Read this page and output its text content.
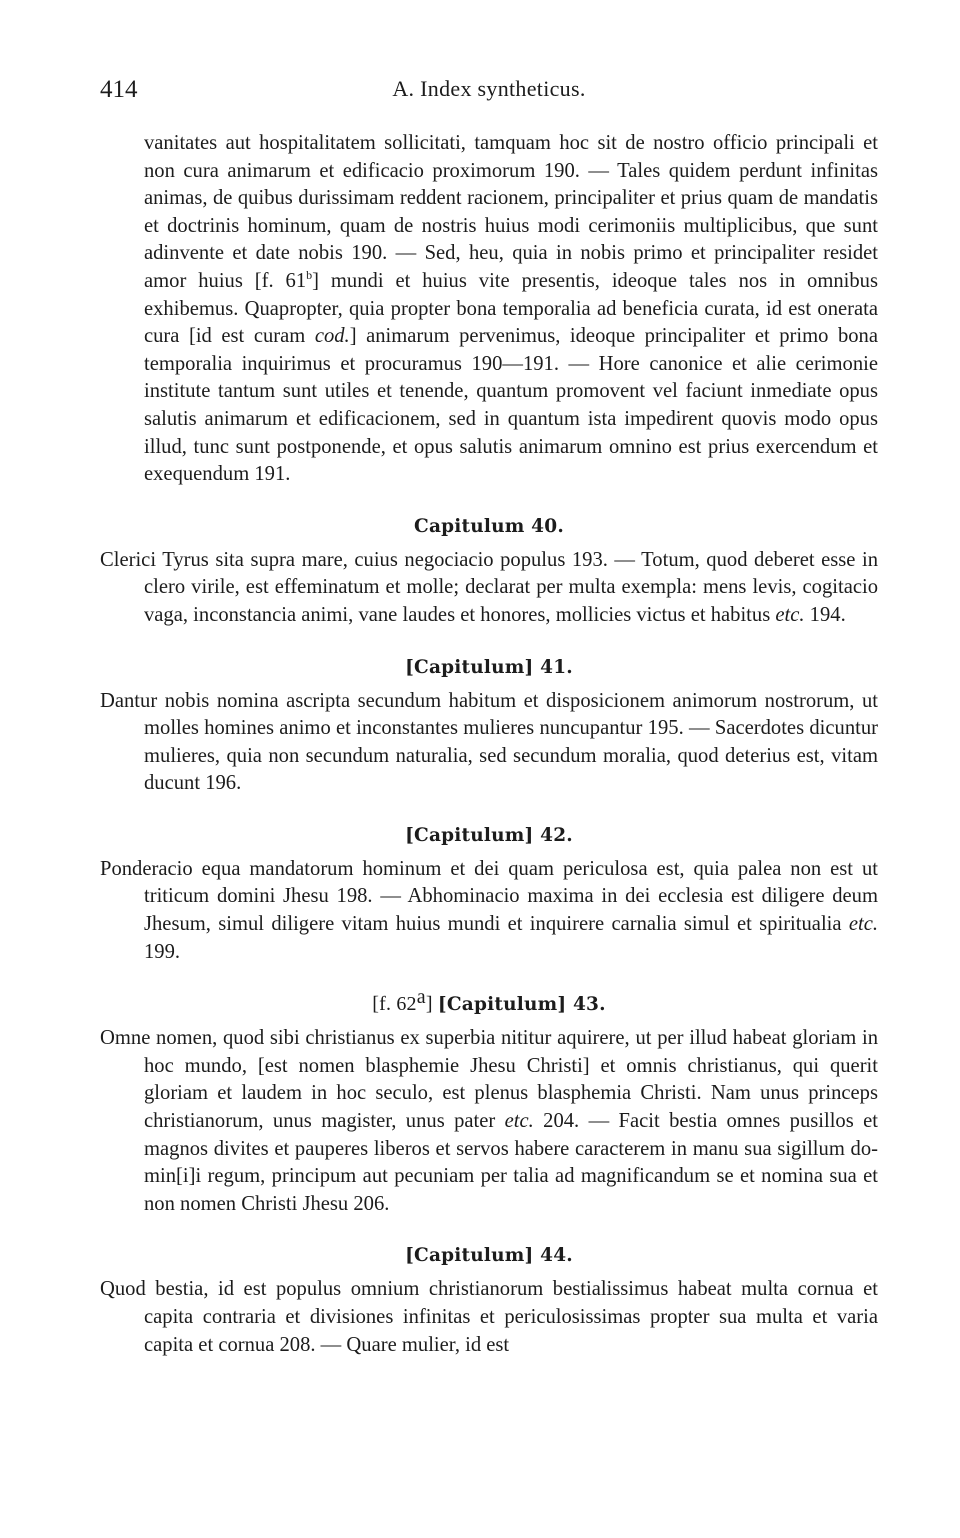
A. Index syntheticus.
414

vanitates aut hospitalitatem sollicitati, tamquam hoc sit de nostro officio principali et non cura animarum et edificacio proximorum 190. — Tales quidem perdunt infinitas animas, de quibus durissimam reddent racionem, principaliter et prius quam de mandatis et doctrinis hominum, quam de nostris huius modi cerimoniis multiplicibus, que sunt adinvente et date nobis 190. — Sed, heu, quia in nobis primo et principaliter residet amor huius [f. 61$^b$] mundi et huius vite presentis, ideoque tales nos in omnibus exhibemus. Quapropter, quia propter bona temporalia ad beneficia curata, id est onerata cura [id est curam cod.] animarum pervenimus, ideoque principaliter et primo bona temporalia inquirimus et procuramus 190—191. — Hore canonice et alie cerimonie institute tantum sunt utiles et tenende, quantum promovent vel faciunt inmediate opus salutis animarum et edificacionem, sed in quantum ista impedirent quovis modo opus illud, tunc sunt postponende, et opus salutis animarum omnino est prius exercendum et exequendum 191.

Capitulum 40.

Clerici Tyrus sita supra mare, cuius negociacio populus 193. — Totum, quod deberet esse in clero virile, est effeminatum et molle; declarat per multa exempla: mens levis, cogitacio vaga, inconstancia animi, vane laudes et honores, mollicies victus et habitus etc. 194.

[Capitulum] 41.

Dantur nobis nomina ascripta secundum habitum et disposicionem animorum nostrorum, ut molles homines animo et inconstantes mulieres nuncupantur 195. — Sacerdotes dicuntur mulieres, quia non secundum naturalia, sed secundum moralia, quod deterius est, vitam ducunt 196.

[Capitulum] 42.

Ponderacio equa mandatorum hominum et dei quam periculosa est, quia palea non est ut triticum domini Jhesu 198. — Abhominacio maxima in dei ecclesia est diligere deum Jhesum, simul diligere vitam huius mundi et inquirere carnalia simul et spiritualia etc. 199.

[f. 62$^a$] [Capitulum] 43.

Omne nomen, quod sibi christianus ex superbia nititur aquirere, ut per illud habeat gloriam in hoc mundo, [est nomen blasphemie Jhesu Christi] et omnis christianus, qui querit gloriam et laudem in hoc seculo, est plenus blasphemia Christi. Nam unus princeps christianorum, unus magister, unus pater etc. 204. — Facit bestia omnes pusillos et magnos divites et pauperes liberos et servos habere caracterem in manu sua sigillum domin[i]i regum, principum aut pecuniam per talia ad magnificandum se et nomina sua et non nomen Christi Jhesu 206.

[Capitulum] 44.

Quod bestia, id est populus omnium christianorum bestialissimus habeat multa cornua et capita contraria et divisiones infinitas et periculosissimas propter sua multa et varia capita et cornua 208. — Quare mulier, id est
